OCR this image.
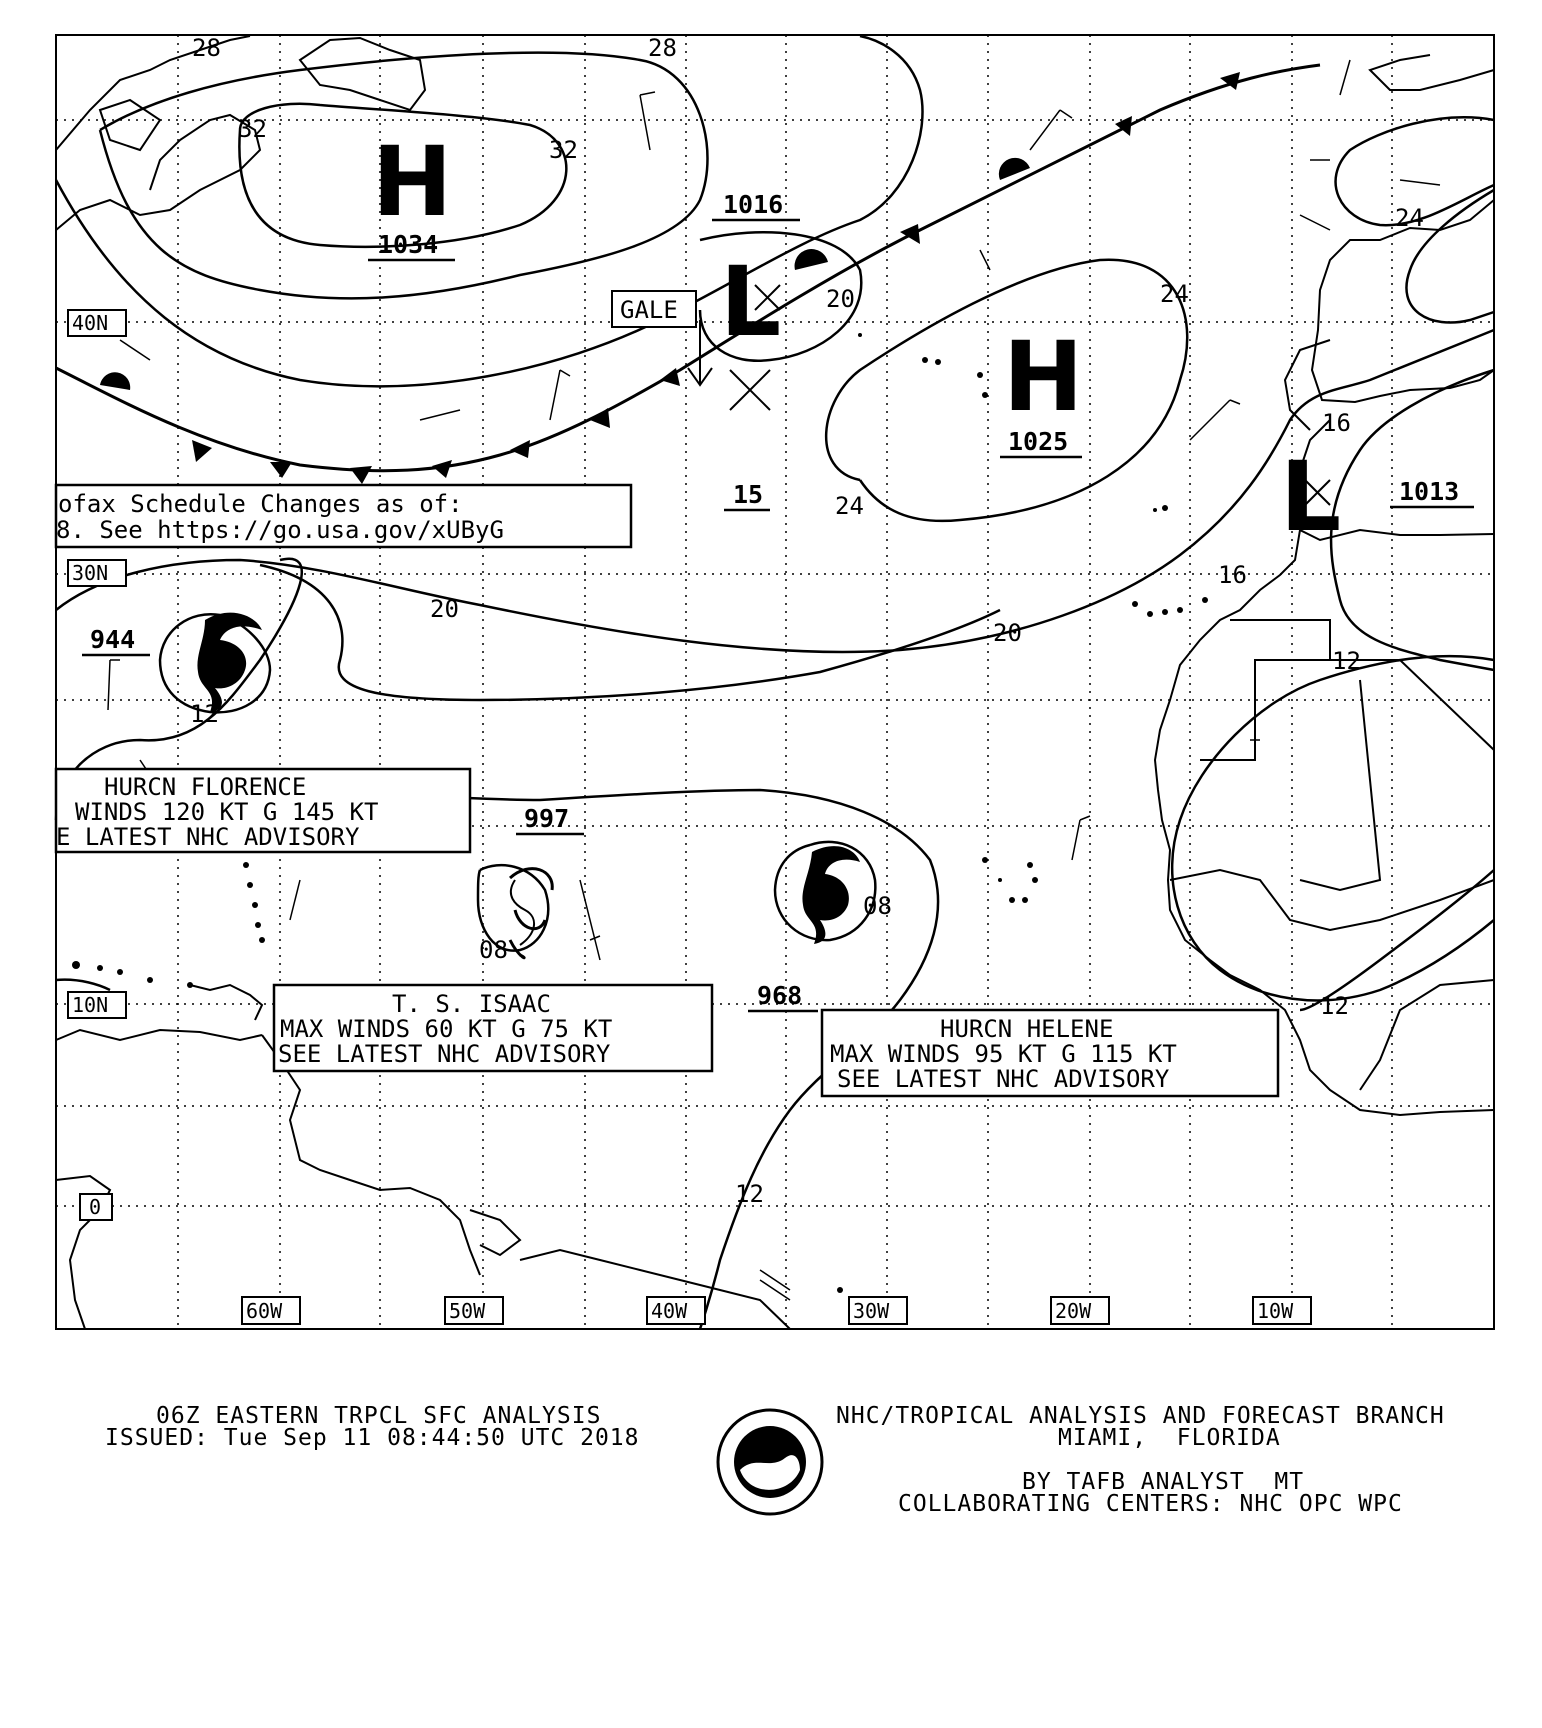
H
L
H
L
1034
1016
1025
1013
15
944
997
968
28	28
32
32
20	24
24
16
16
20
20
12
12
08
08
12
12
24
GALE
ofax Schedule Changes as of:
8. See https://go.usa.gov/xUByG
HURCN FLORENCE
WINDS 120 KT G 145 KT
E LATEST NHC ADVISORY
T. S. ISAAC
MAX WINDS 60 KT G 75 KT
SEE LATEST NHC ADVISORY
HURCN HELENE
MAX WINDS 95 KT G 115 KT
SEE LATEST NHC ADVISORY
40N
30N
10N
0
60W	50W	40W	30W	20W	10W
NOAA
06Z EASTERN TRPCL SFC ANALYSIS
ISSUED: Tue Sep 11 08:44:50 UTC 2018
NHC/TROPICAL ANALYSIS AND FORECAST BRANCH
MIAMI,  FLORIDA
BY TAFB ANALYST  MT
COLLABORATING CENTERS: NHC OPC WPC
